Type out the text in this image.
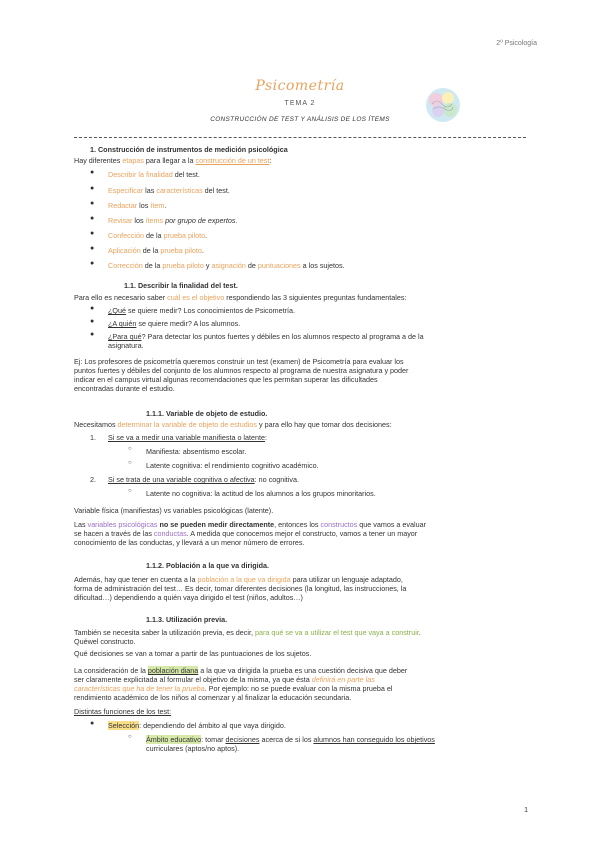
2º Psicología
Psicometría
TEMA 2
CONSTRUCCIÓN DE TEST Y ANÁLISIS DE LOS ÍTEMS
1. Construcción de instrumentos de medición psicológica
Hay diferentes etapas para llegar a la construcción de un test:
● Describir la finalidad del test.
● Especificar las características del test.
● Redactar los ítem.
● Revisar los ítems por grupo de expertos.
● Confección de la prueba piloto.
● Aplicación de la prueba piloto.
● Corrección de la prueba piloto y asignación de puntuaciones a los sujetos.
1.1. Describir la finalidad del test.
Para ello es necesario saber cuál es el objetivo respondiendo las 3 siguientes preguntas fundamentales:
● ¿Qué se quiere medir? Los conocimientos de Psicometría.
● ¿A quién se quiere medir? A los alumnos.
● ¿Para qué? Para detectar los puntos fuertes y débiles en los alumnos respecto al programa a de la
asignatura.
Ej: Los profesores de psicometría queremos construir un test (examen) de Psicometría para evaluar los
puntos fuertes y débiles del conjunto de los alumnos respecto al programa de nuestra asignatura y poder
indicar en el campus virtual algunas recomendaciones que les permitan superar las dificultades
encontradas durante el estudio.
1.1.1. Variable de objeto de estudio.
Necesitamos determinar la variable de objeto de estudios y para ello hay que tomar dos decisiones:
1.	Si se va a medir una variable manifiesta o latente:
○ Manifiesta: absentismo escolar.
○ Latente cognitiva: el rendimiento cognitivo académico.
2.	Si se trata de una variable cognitiva o afectiva: no cognitiva.
○ Latente no cognitiva: la actitud de los alumnos a los grupos minoritarios.
Variable física (manifiestas) vs variables psicológicas (latente).
Las variables psicológicas no se pueden medir directamente, entonces los constructos que vamos a evaluar
se hacen a través de las conductas. A medida que conocemos mejor el constructo, vamos a tener un mayor
conocimiento de las conductas, y llevará a un menor número de errores.
1.1.2. Población a la que va dirigida.
Además, hay que tener en cuenta a la población a la que va dirigida para utilizar un lenguaje adaptado,
forma de administración del test… Es decir, tomar diferentes decisiones (la longitud, las instrucciones, la
dificultad…) dependiendo a quién vaya dirigido el test (niños, adultos…)
1.1.3. Utilización previa.
También se necesita saber la utilización previa, es decir, para qué se va a utilizar el test que vaya a construir.
Quéwel constructo.
Qué decisiones se van a tomar a partir de las puntuaciones de los sujetos.
La consideración de la población diana a la que va dirigida la prueba es una cuestión decisiva que deber
ser claramente explicitada al formular el objetivo de la misma, ya que ésta definirá en parte las
características que ha de tener la prueba. Por ejemplo: no se puede evaluar con la misma prueba el
rendimiento académico de los niños al comenzar y al finalizar la educación secundaria.
Distintas funciones de los test:
● Selección: dependiendo del ámbito al que vaya dirigido.
○ Ámbito educativo: tomar decisiones acerca de si los alumnos han conseguido los objetivos
curriculares (aptos/no aptos).
1
